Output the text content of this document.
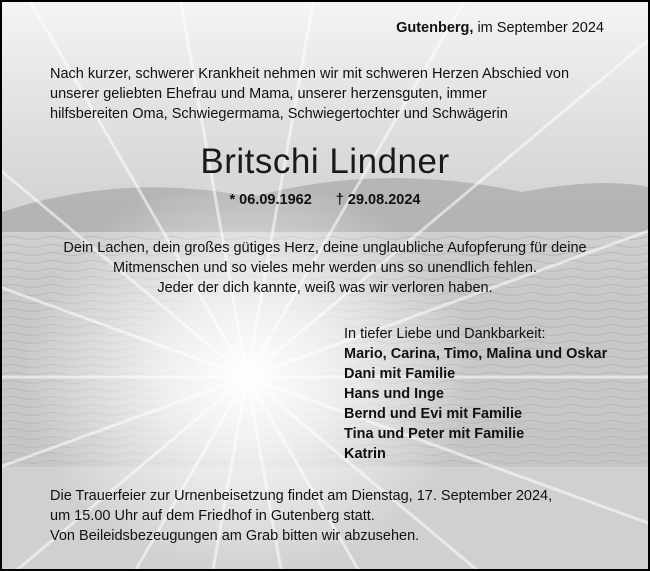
Gutenberg, im September 2024
Nach kurzer, schwerer Krankheit nehmen wir mit schweren Herzen Abschied von
unserer geliebten Ehefrau und Mama, unserer herzensguten, immer
hilfsbereiten Oma, Schwiegermama, Schwiegertochter und Schwägerin
Britschi Lindner
* 06.09.1962 † 29.08.2024
Dein Lachen, dein großes gütiges Herz, deine unglaubliche Aufopferung für deine
Mitmenschen und so vieles mehr werden uns so unendlich fehlen.
Jeder der dich kannte, weiß was wir verloren haben.
In tiefer Liebe und Dankbarkeit:
Mario, Carina, Timo, Malina und Oskar
Dani mit Familie
Hans und Inge
Bernd und Evi mit Familie
Tina und Peter mit Familie
Katrin
Die Trauerfeier zur Urnenbeisetzung findet am Dienstag, 17. September 2024,
um 15.00 Uhr auf dem Friedhof in Gutenberg statt.
Von Beileidsbezeugungen am Grab bitten wir abzusehen.
